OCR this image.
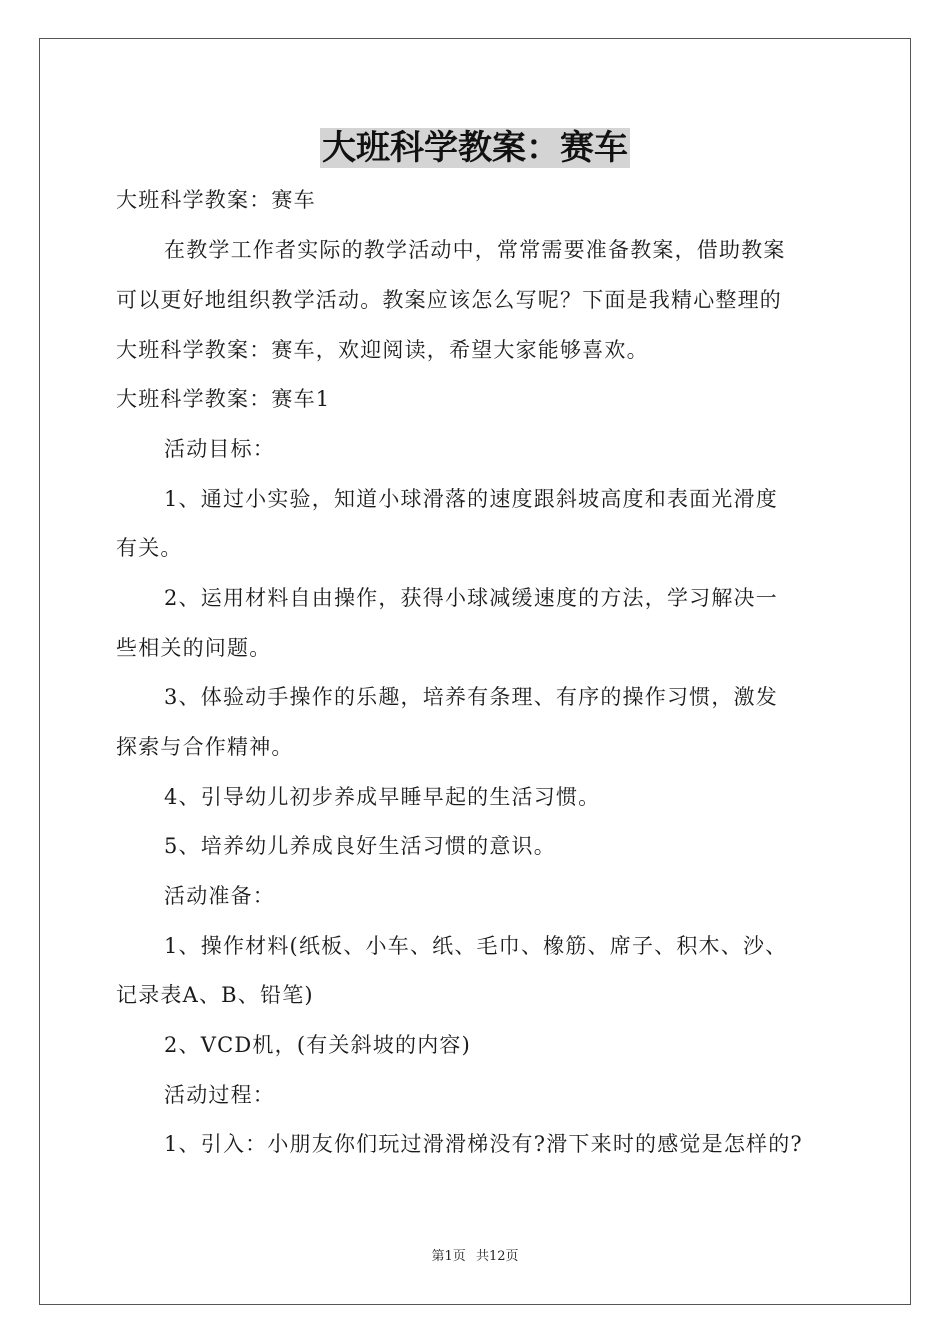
大班科学教案：赛车
大班科学教案：赛车
在教学工作者实际的教学活动中，常常需要准备教案，借助教案
可以更好地组织教学活动。教案应该怎么写呢？下面是我精心整理的
大班科学教案：赛车，欢迎阅读，希望大家能够喜欢。
大班科学教案：赛车1
活动目标：
1、通过小实验，知道小球滑落的速度跟斜坡高度和表面光滑度
有关。
2、运用材料自由操作，获得小球减缓速度的方法，学习解决一
些相关的问题。
3、体验动手操作的乐趣，培养有条理、有序的操作习惯，激发
探索与合作精神。
4、引导幼儿初步养成早睡早起的生活习惯。
5、培养幼儿养成良好生活习惯的意识。
活动准备：
1、操作材料(纸板、小车、纸、毛巾、橡筋、席子、积木、沙、
记录表A、B、铅笔)
2、VCD机，(有关斜坡的内容)
活动过程：
1、引入：小朋友你们玩过滑滑梯没有?滑下来时的感觉是怎样的?
第1页 共12页
